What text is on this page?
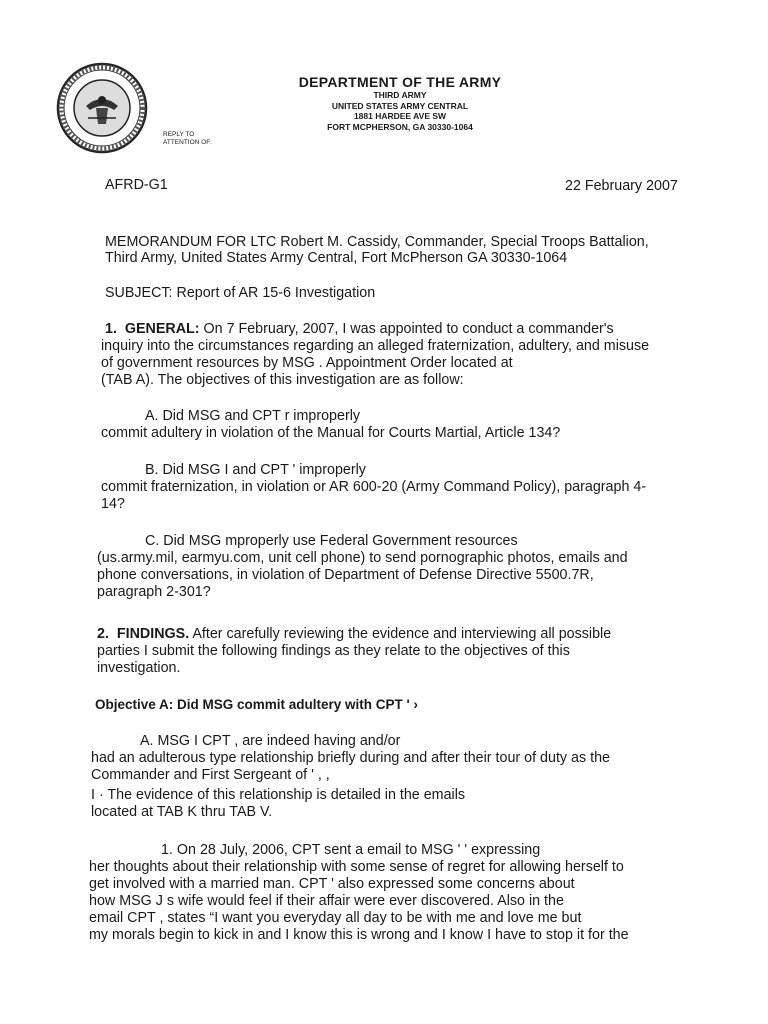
DEPARTMENT OF THE ARMY
THIRD ARMY
UNITED STATES ARMY CENTRAL
1881 HARDEE AVE SW
FORT MCPHERSON, GA 30330-1064
REPLY TO
ATTENTION OF:
AFRD-G1	22 February 2007
MEMORANDUM FOR LTC Robert M. Cassidy, Commander, Special Troops Battalion,
Third Army, United States Army Central, Fort McPherson GA 30330-1064
SUBJECT: Report of AR 15-6 Investigation
1. GENERAL: On 7 February, 2007, I was appointed to conduct a commander's
inquiry into the circumstances regarding an alleged fraternization, adultery, and misuse
of government resources by MSG . Appointment Order located at
(TAB A). The objectives of this investigation are as follow:
A. Did MSG and CPT r improperly
commit adultery in violation of the Manual for Courts Martial, Article 134?
B. Did MSG I and CPT ' improperly
commit fraternization, in violation or AR 600-20 (Army Command Policy), paragraph 4-
14?
C. Did MSG mproperly use Federal Government resources
(us.army.mil, earmyu.com, unit cell phone) to send pornographic photos, emails and
phone conversations, in violation of Department of Defense Directive 5500.7R,
paragraph 2-301?
2. FINDINGS. After carefully reviewing the evidence and interviewing all possible
parties I submit the following findings as they relate to the objectives of this
investigation.
Objective A: Did MSG commit adultery with CPT ' ›
A. MSG I CPT , are indeed having and/or
had an adulterous type relationship briefly during and after their tour of duty as the
Commander and First Sergeant of ' , ,
I · The evidence of this relationship is detailed in the emails
located at TAB K thru TAB V.
1. On 28 July, 2006, CPT sent a email to MSG ' ' expressing
her thoughts about their relationship with some sense of regret for allowing herself to
get involved with a married man. CPT ' also expressed some concerns about
how MSG J s wife would feel if their affair were ever discovered. Also in the
email CPT , states “I want you everyday all day to be with me and love me but
my morals begin to kick in and I know this is wrong and I know I have to stop it for the
